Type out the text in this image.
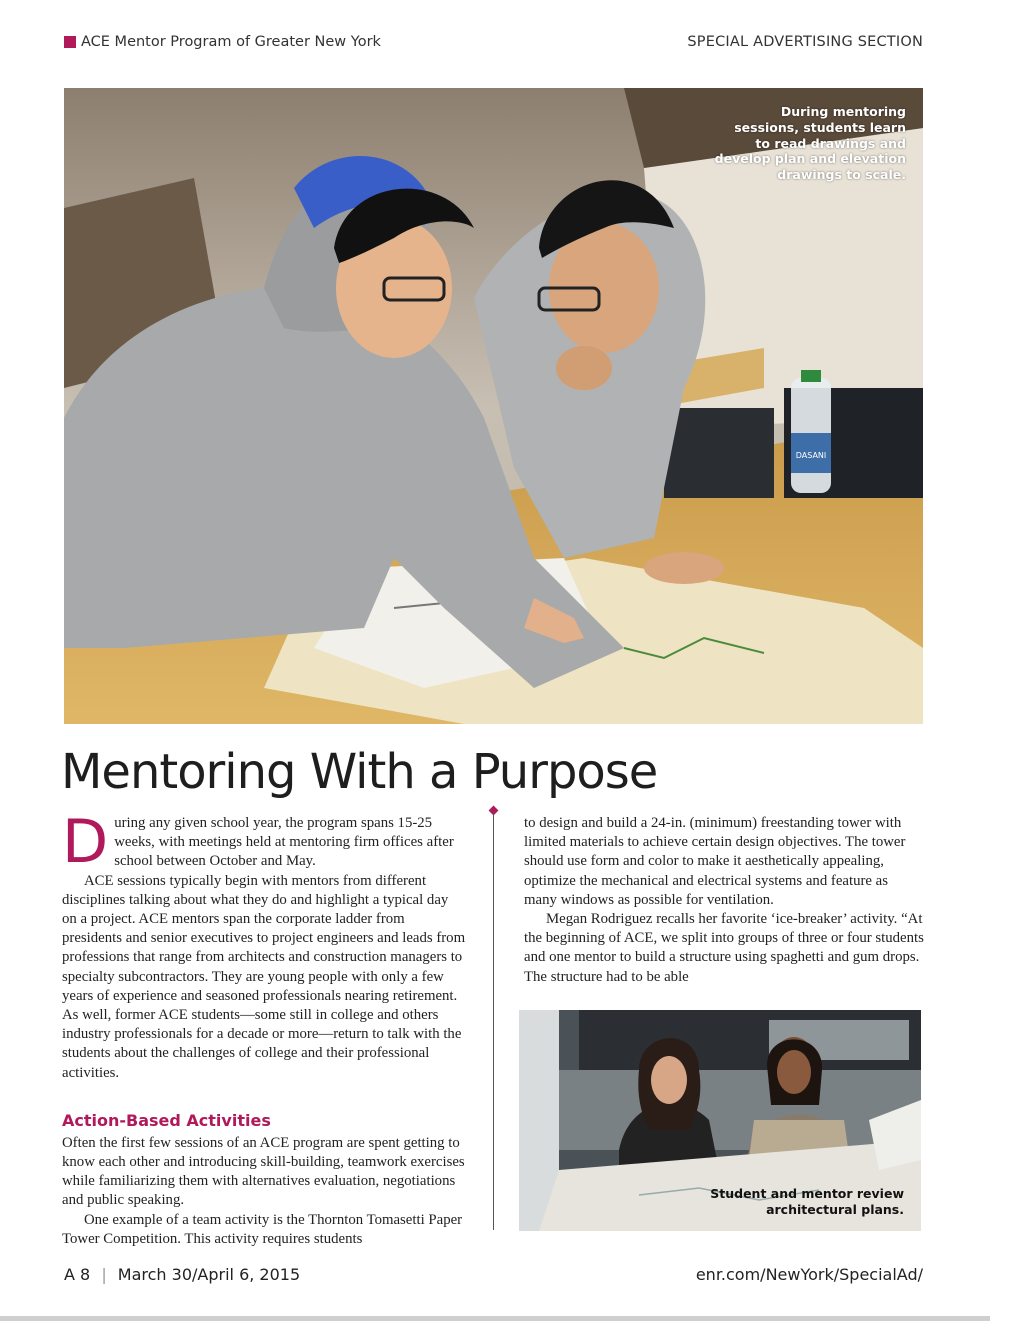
ACE Mentor Program of Greater New York	SPECIAL ADVERTISING SECTION
DASANI
During mentoring
sessions, students learn
to read drawings and
develop plan and elevation
drawings to scale.
Mentoring With a Purpose

During any given school year, the program spans 15-25 weeks, with meetings held at mentoring firm offices after school between October and May.

ACE sessions typically begin with mentors from different disciplines talking about what they do and highlight a typical day on a project. ACE mentors span the corporate ladder from presidents and senior executives to project engineers and leads from professions that range from architects and construction managers to specialty subcontractors. They are young people with only a few years of experience and seasoned professionals nearing retirement. As well, former ACE students—some still in college and others industry professionals for a decade or more—return to talk with the students about the challenges of college and their professional activities.

Action-Based Activities

Often the first few sessions of an ACE program are spent getting to know each other and introducing skill-building, teamwork exercises while familiarizing them with alternatives evaluation, negotiations and public speaking.

One example of a team activity is the Thornton Tomasetti Paper Tower Competition. This activity requires students

to design and build a 24-in. (minimum) freestanding tower with limited materials to achieve certain design objectives. The tower should use form and color to make it aesthetically appealing, optimize the mechanical and electrical systems and feature as many windows as possible for ventilation.

Megan Rodriguez recalls her favorite ‘ice-breaker’ activity. “At the beginning of ACE, we split into groups of three or four students and one mentor to build a structure using spaghetti and gum drops. The structure had to be able

Student and mentor review
architectural plans.
A 8 | March 30/April 6, 2015	enr.com/NewYork/SpecialAd/
